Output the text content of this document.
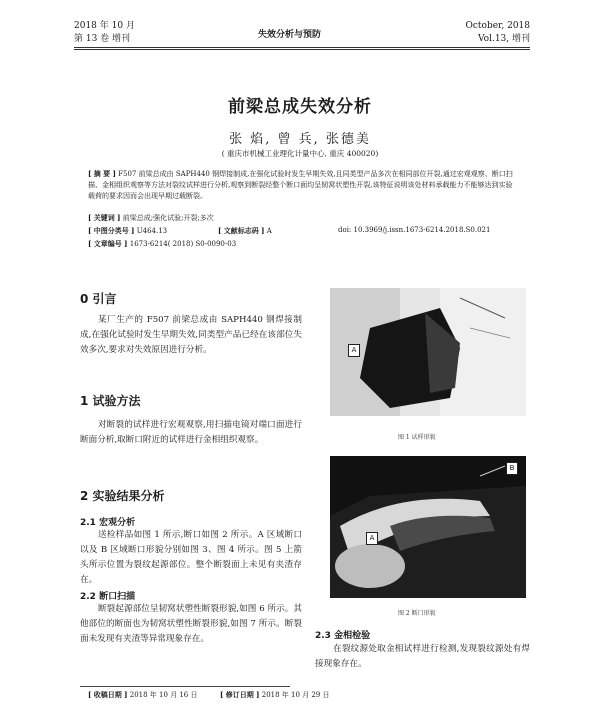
2018 年 10 月
第 13 卷 增刊	失效分析与预防
October, 2018
Vol.13, 增刊
前梁总成失效分析
张 焰, 曾 兵, 张德美
( 重庆市机械工业理化计量中心, 重庆 400020)
[ 摘 要 ] F507 前梁总成由 SAPH440 钢焊接制成,在强化试验时发生早期失效,且同类型产品多次在相同部位开裂,通过宏观观察、断口扫描、金相组织观察等方法对裂纹试样进行分析,观察到断裂经整个断口面均呈韧窝状塑性开裂,该特征说明该处材料承载能力不能够达到实验载荷的要求因而会出现早期过载断裂。
[ 关键词 ] 前梁总成;强化试验;开裂;多次
[ 中图分类号 ] U464.13	[ 文献标志码 ] A	doi: 10.3969/j.issn.1673-6214.2018.S0.021
[ 文章编号 ] 1673-6214( 2018) S0-0090-03
0 引言
某厂生产的 F507 前梁总成由 SAPH440 钢焊接制成,在强化试验时发生早期失效,同类型产品已经在该部位失效多次,要求对失效原因进行分析。
1 试验方法
对断裂的试样进行宏观观察,用扫描电镜对端口面进行断面分析,取断口附近的试样进行金相组织观察。
2 实验结果分析
2.1 宏观分析
送检样品如图 1 所示,断口如图 2 所示。A 区域断口以及 B 区域断口形貌分别如图 3、图 4 所示。图 5 上箭头所示位置为裂纹起源部位。整个断裂面上未见有夹渣存在。
2.2 断口扫描
断裂起源部位呈韧窝状塑性断裂形貌,如图 6 所示。其他部位的断面也为韧窝状塑性断裂形貌,如图 7 所示。断裂面未发现有夹渣等异常现象存在。
A
图 1 试样形貌
B
A
图 2 断口形貌
2.3 金相检验
在裂纹源处取金相试样进行检测,发现裂纹源处有焊接现象存在。
[ 收稿日期 ] 2018 年 10 月 16 日	[ 修订日期 ] 2018 年 10 月 29 日
